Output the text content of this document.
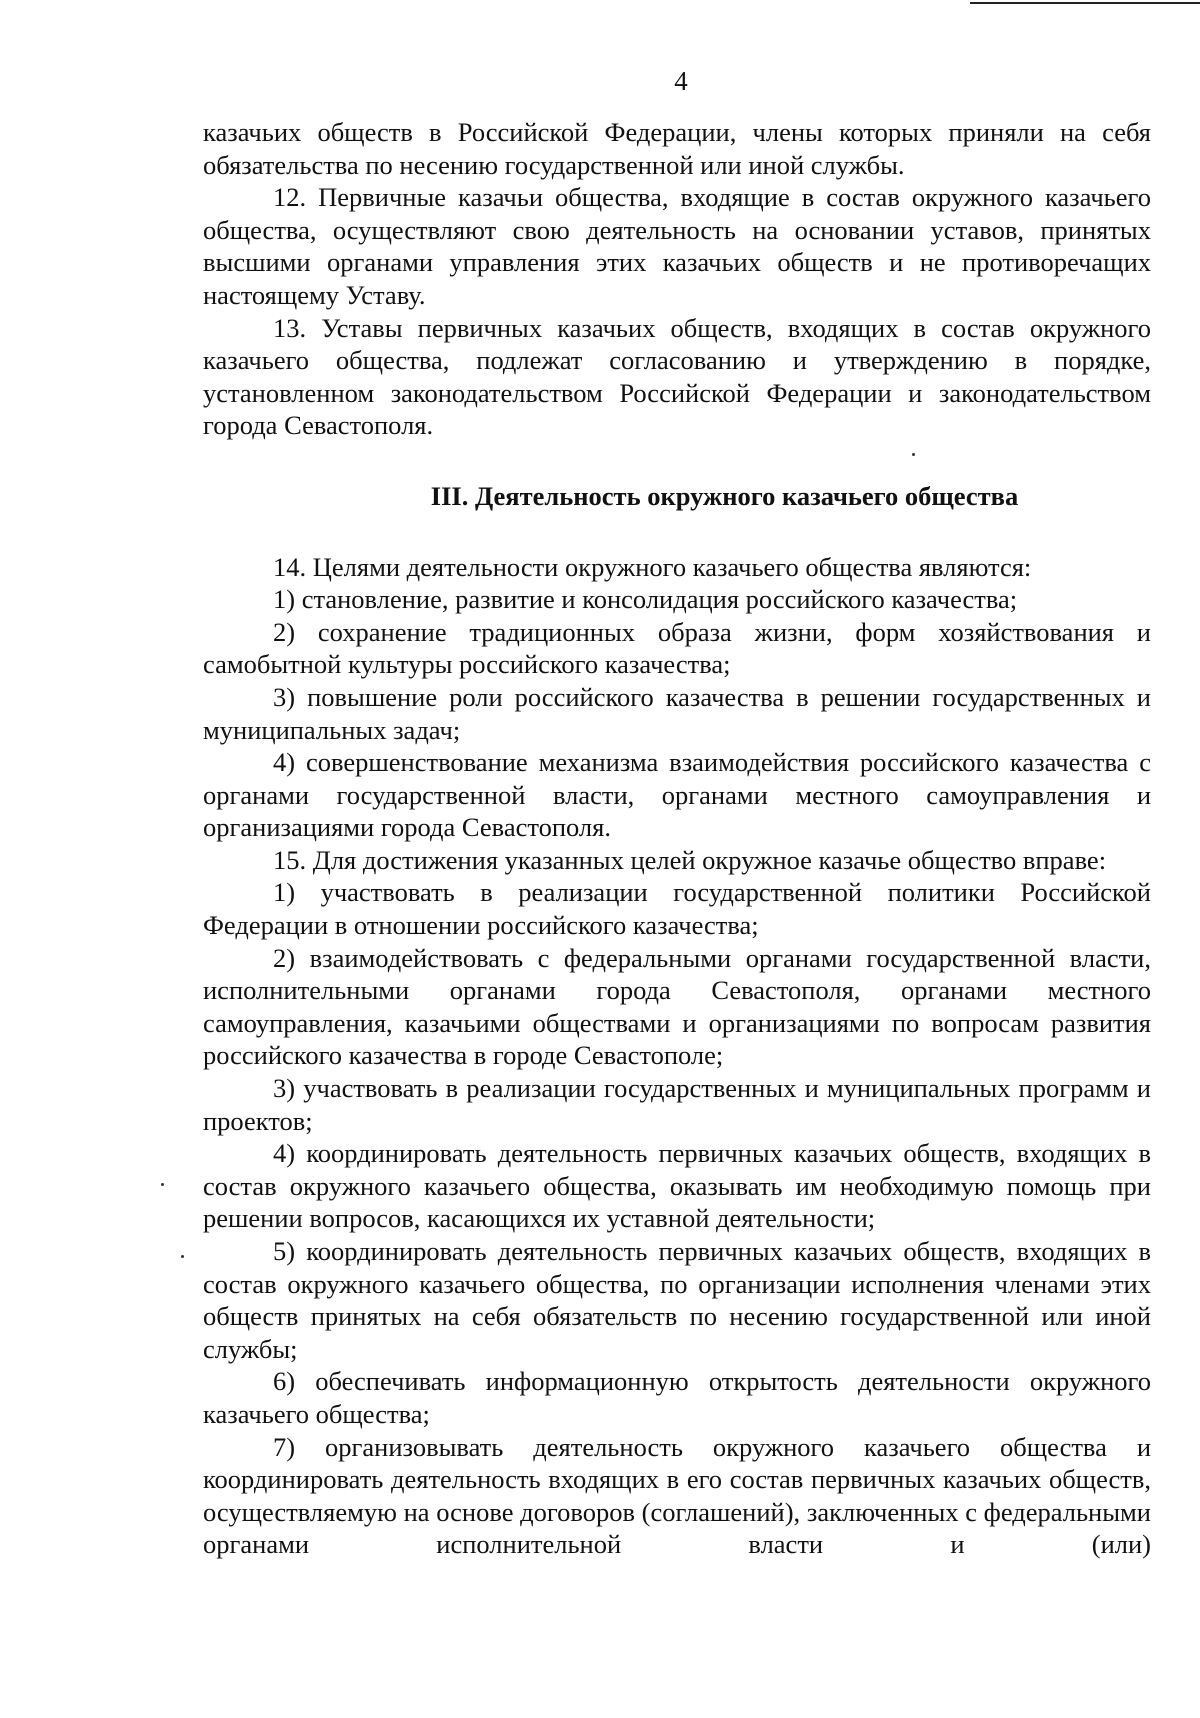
4

казачьих обществ в Российской Федерации, члены которых приняли на себя обязательства по несению государственной или иной службы.

12. Первичные казачьи общества, входящие в состав окружного казачьего общества, осуществляют свою деятельность на основании уставов, принятых высшими органами управления этих казачьих обществ и не противоречащих настоящему Уставу.

13. Уставы первичных казачьих обществ, входящих в состав окружного казачьего общества, подлежат согласованию и утверждению в порядке, установленном законодательством Российской Федерации и законодательством города Севастополя.

III. Деятельность окружного казачьего общества

14. Целями деятельности окружного казачьего общества являются:

1) становление, развитие и консолидация российского казачества;

2) сохранение традиционных образа жизни, форм хозяйствования и самобытной культуры российского казачества;

3) повышение роли российского казачества в решении государственных и муниципальных задач;

4) совершенствование механизма взаимодействия российского казачества с органами государственной власти, органами местного самоуправления и организациями города Севастополя.

15. Для достижения указанных целей окружное казачье общество вправе:

1) участвовать в реализации государственной политики Российской Федерации в отношении российского казачества;

2) взаимодействовать с федеральными органами государственной власти, исполнительными органами города Севастополя, органами местного самоуправления, казачьими обществами и организациями по вопросам развития российского казачества в городе Севастополе;

3) участвовать в реализации государственных и муниципальных программ и проектов;

4) координировать деятельность первичных казачьих обществ, входящих в состав окружного казачьего общества, оказывать им необходимую помощь при решении вопросов, касающихся их уставной деятельности;

5) координировать деятельность первичных казачьих обществ, входящих в состав окружного казачьего общества, по организации исполнения членами этих обществ принятых на себя обязательств по несению государственной или иной службы;

6) обеспечивать информационную открытость деятельности окружного казачьего общества;

7) организовывать деятельность окружного казачьего общества и координировать деятельность входящих в его состав первичных казачьих обществ, осуществляемую на основе договоров (соглашений), заключенных с федеральными органами исполнительной власти и (или)
